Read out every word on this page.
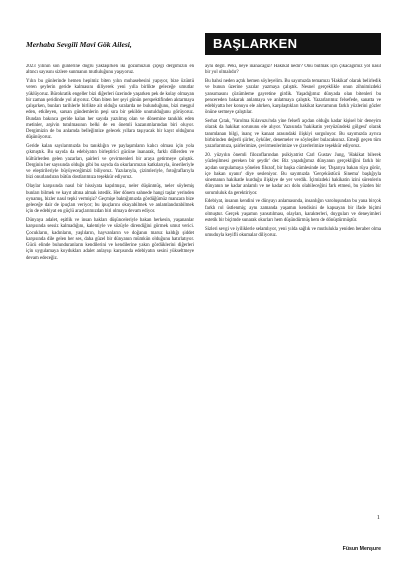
Merhaba Sevgili Mavi Gök Ailesi,	BAŞLARKEN

2023 yılının son günlerine doğru yaklaşırken iki gözümüzün çiçeği dergimizin en altıncı sayısını sizlere sunmanın mutluluğunu yaşıyoruz.

Yılın bu günlerinde hemen hepimiz biten yılın muhasebesini yapıyor, bize üzüntü veren şeylerin geride kalmasını diliyerek yeni yılla birlikte geleceğe umutlar yüklüyoruz. Bürokratik engeller bizi diğerleri üzerinde yaşarken pek de kolay olmayan bir zaman şeridinde yol alıyoruz. Olan biten her şeyi günün perspektifinden aktarmaya çalışırken, bunları tarihlerle birlikte ait olduğu sıralarda ne bulunduğunu, bizi meşgul eden, etkileyen, sarsan gündemlerin peşi sıra bir şekilde unutulduğunu görüyoruz. Bundan bakınca geride kalan her sayıda yazılmış olan ve dönemine tanıklık eden metinler, arşivin tutulmasının belki de en önemli kazanımlarından biri oluyor. Dergimizin de bu anlamda belleğimize gelecek yıllara taşıyacak bir kayıt olduğunu düşünüyoruz.

Geride kalan sayılarımızda bu tanıklığın ve paylaşımların kalıcı olması için yola çıkmıştık. Bu sayıda da edebiyatın birleştirici gücüne inanarak, farklı dillerden ve kültürlerden gelen yazarları, şairleri ve çevirmenleri bir araya getirmeye çalıştık. Derginin her sayısında olduğu gibi bu sayıda da okurlarımızın katkılarıyla, önerileriyle ve eleştirileriyle büyüyeceğimizi biliyoruz. Yazılarıyla, çizimleriyle, fotoğraflarıyla bizi onurlandıran bütün dostlarımıza teşekkür ediyoruz.

Olaylar karşısında nasıl bir hissiyata kapılmışız, neler düşünmüş, neler söylemiş bunları bilmek ve kayıt altına almak istedik. Her dönem sahnede hangi taşlar yerinden oynamış, bizler nasıl tepki vermişiz? Geçmişe baktığımızda gördüğümüz manzara bize geleceğe dair de ipuçları veriyor; bu ipuçlarını okuyabilmek ve anlamlandırabilmek için de edebiyat en güçlü araçlarımızdan biri olmaya devam ediyor.

Dünyaya adalet, eşitlik ve insan hakları düşünceleriyle bakan herkesin, yaşananlar karşısında sessiz kalmadığını, kalemiyle ve sözüyle direndiğini görmek umut verici. Çocukların, kadınların, yaşlıların, hayvanların ve doğanın maruz kaldığı şiddet karşısında dile gelen her ses, daha güzel bir dünyanın mümkün olduğunu hatırlatıyor. Gücü elinde bulunduranların kendilerini ve kendilerine yakın gördüklerini diğerleri için uygulamaya koydukları adalet anlayışı karşısında edebiyatın sesini yükseltmeye devam edeceğiz.

aynı değil. Peki, neye inanacağız? Hakikat nedir? Onu bulmak için çıkacağımız yol nasıl bir yol olmalıdır?

Bu bahsi neden açtık hemen söyleyelim. Bu sayımızda temamızı 'Hakikat' olarak belirledik ve bunun üzerine yazılar yazmaya çalıştık. Nesnel gerçeklikle onun zihnimizdeki yansımasını çözümleme gayretine girdik. Yaşadığımız dünyada olan bitenleri bu pencereden bakarak anlamaya ve anlatmaya çalıştık. Yazarlarımız felsefede, sanatta ve edebiyatta her konuyu ele alırken, karşılaştıkları hakikat kavramının farklı yüzlerini gözler önüne sermeye çalıştılar.

Serhat Çıtak, 'Varolma Kılavuzu'nda yine felsefi açıdan olduğu kadar kişisel bir deneyim olarak da hakikat sorununu ele alıyor. Yazısında 'hakikatin yeryüzündeki gölgesi' olarak tanımlanan bilgi, inanç ve kanaat arasındaki ilişkiyi sorguluyor. Bu sayımızda ayrıca birbirinden değerli şiirler, öyküler, denemeler ve söyleşiler bulacaksınız. Emeği geçen tüm yazarlarımıza, şairlerimize, çevirmenlerimize ve çizerlerimize teşekkür ediyoruz.

20. yüzyılın önemli filozoflarından psikiyatrist Carl Gustav Jung, 'Hakikat bilerek yüzleşilmesi gereken bir şeydir' der. Biz yaşadığımız dünyanın gerçekliğini farklı bir açıdan sorgulamaya yönelen filozof, bir başka cümlesinde ise; 'Dışarıya bakan rüya görür, içe bakan uyanır' diye sesleniyor. Bu sayımızda 'Gerçeküstücü Sinema' başlığıyla sinemanın hakikatle kurduğu ilişkiye de yer verdik. İçimizdeki hakikatin izini sürenlerin dünyanın ne kadar anlamlı ve ne kadar acı dolu olabileceğini fark etmesi, bu yüzden bir sorumluluk da gerektiriyor.

Edebiyat, insanın kendini ve dünyayı anlamasında, insanlığın varoluşundan bu yana birçok farklı rol üstlenmiş; aynı zamanda yaşamın kendisini de kapsayan bir ifade biçimi olmuştur. Gerçek yaşamın yansıtılması, olayları, karakterleri, duyguları ve deneyimleri estetik bir biçimde sunarak okurları hem düşündürmüş hem de dönüştürmüştür.

Sizleri sevgi ve iyiliklerle selamlıyor, yeni yılda sağlık ve mutlulukla yeniden beraber olma umuduyla keyifli okumalar diliyoruz.

1
Füsun Menşure
